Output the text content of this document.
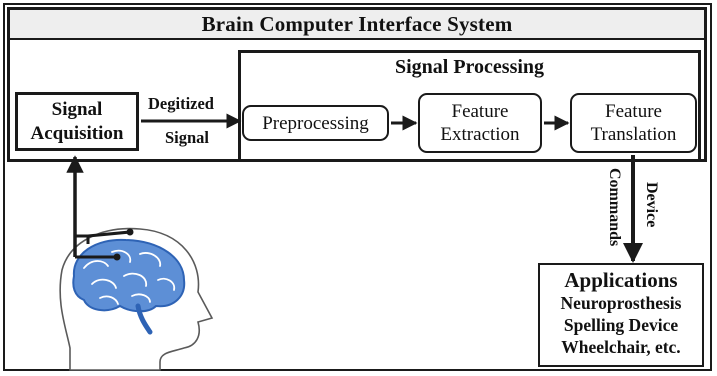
Brain Computer Interface System
Signal Processing
Signal
Acquisition
Degitized
Signal
Preprocessing
Feature
Extraction
Feature
Translation
Commands Device
Applications
Neuroprosthesis
Spelling Device
Wheelchair, etc.
